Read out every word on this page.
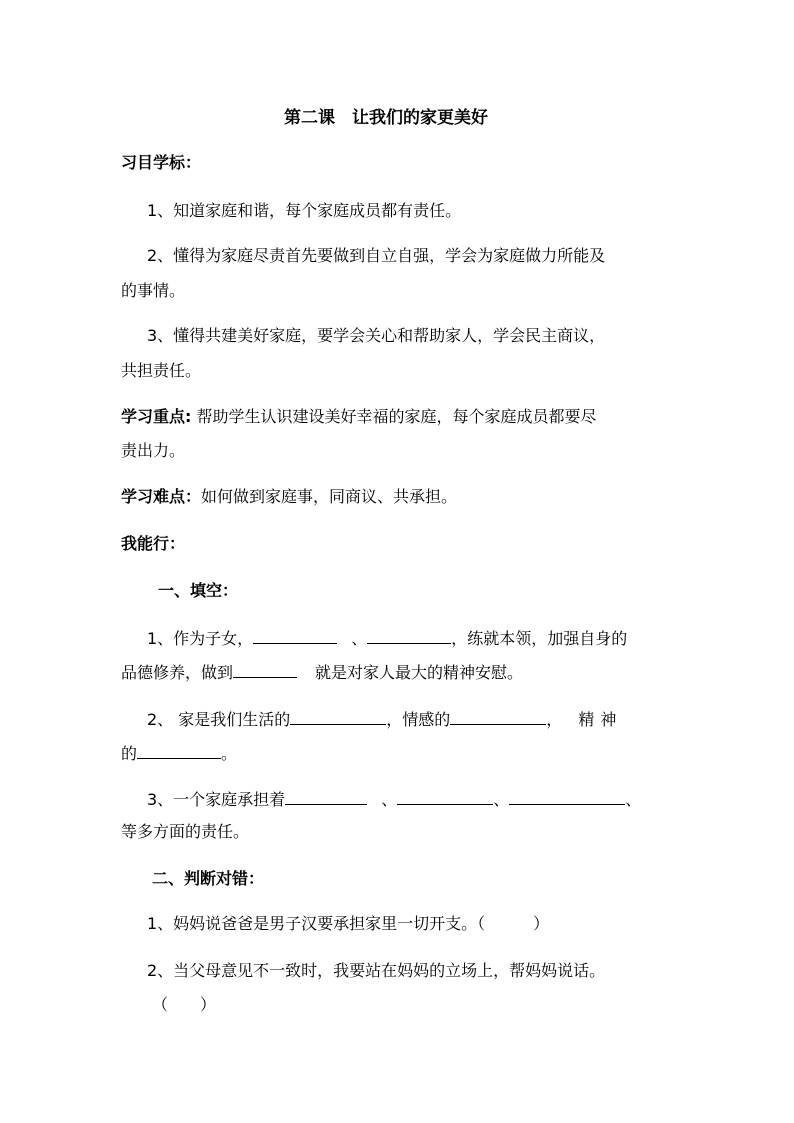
第二课　让我们的家更美好
习目学标：
1、知道家庭和谐，每个家庭成员都有责任。
2、懂得为家庭尽责首先要做到自立自强，学会为家庭做力所能及
的事情。
3、懂得共建美好家庭，要学会关心和帮助家人，学会民主商议，
共担责任。
学习重点: 帮助学生认识建设美好幸福的家庭，每个家庭成员都要尽
责出力。
学习难点：如何做到家庭事，同商议、共承担。
我能行：
一、填空：
1、作为子女，	、	，练就本领，加强自身的
品德修养，做到	就是对家人最大的精神安慰。
2、 家是我们生活的	，情感的	， 精神
的	。
3、一个家庭承担着	、	、	、
等多方面的责任。
二、判断对错：
1、妈妈说爸爸是男子汉要承担家里一切开支。（　　　）
2、当父母意见不一致时，我要站在妈妈的立场上，帮妈妈说话。
（　　）
